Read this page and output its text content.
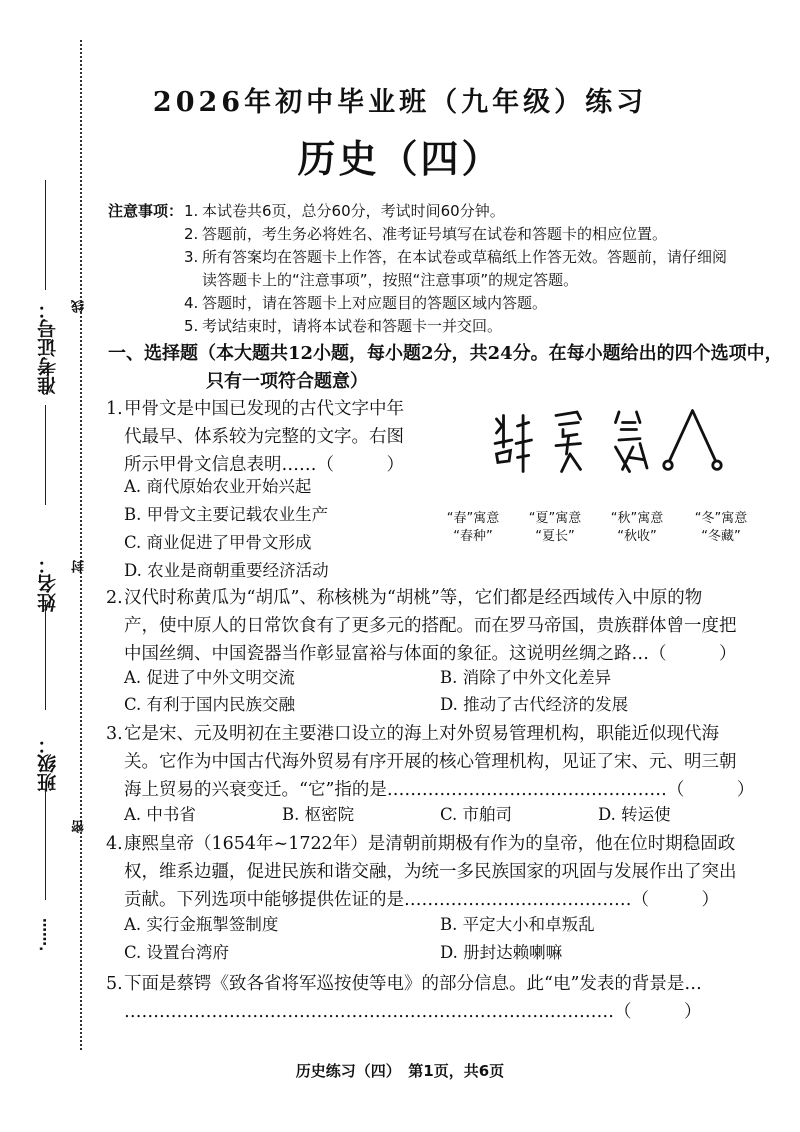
准考证号：
姓名：
班级：
·……
线
封
密
2026年初中毕业班（九年级）练习
历史（四）
注意事项： 1. 本试卷共6页，总分60分，考试时间60分钟。
2. 答题前，考生务必将姓名、准考证号填写在试卷和答题卡的相应位置。
3. 所有答案均在答题卡上作答，在本试卷或草稿纸上作答无效。答题前，请仔细阅
读答题卡上的“注意事项”，按照“注意事项”的规定答题。
4. 答题时，请在答题卡上对应题目的答题区域内答题。
5. 考试结束时，请将本试卷和答题卡一并交回。
一、选择题（本大题共12小题，每小题2分，共24分。在每小题给出的四个选项中，
只有一项符合题意）
1. 甲骨文是中国已发现的古代文字中年
代最早、体系较为完整的文字。右图
所示甲骨文信息表明……（　　　）
A. 商代原始农业开始兴起
B. 甲骨文主要记载农业生产
C. 商业促进了甲骨文形成
D. 农业是商朝重要经济活动
“春”寓意
“春种”
“夏”寓意
“夏长”
“秋”寓意
“秋收”
“冬”寓意
“冬藏”
2. 汉代时称黄瓜为“胡瓜”、称核桃为“胡桃”等，它们都是经西域传入中原的物
产，使中原人的日常饮食有了更多元的搭配。而在罗马帝国，贵族群体曾一度把
中国丝绸、中国瓷器当作彰显富裕与体面的象征。这说明丝绸之路…（　　　）
A. 促进了中外文明交流	B. 消除了中外文化差异
C. 有利于国内民族交融	D. 推动了古代经济的发展
3. 它是宋、元及明初在主要港口设立的海上对外贸易管理机构，职能近似现代海
关。它作为中国古代海外贸易有序开展的核心管理机构，见证了宋、元、明三朝
海上贸易的兴衰变迁。“它”指的是…………………………………………（　　　）
A. 中书省	B. 枢密院	C. 市舶司	D. 转运使
4. 康熙皇帝（1654年~1722年）是清朝前期极有作为的皇帝，他在位时期稳固政
权，维系边疆，促进民族和谐交融，为统一多民族国家的巩固与发展作出了突出
贡献。下列选项中能够提供佐证的是…………………………………（　　　）
A. 实行金瓶掣签制度	B. 平定大小和卓叛乱
C. 设置台湾府	D. 册封达赖喇嘛
5. 下面是蔡锷《致各省将军巡按使等电》的部分信息。此“电”发表的背景是…
…………………………………………………………………………（　　　）
历史练习（四）　第1页，共6页
